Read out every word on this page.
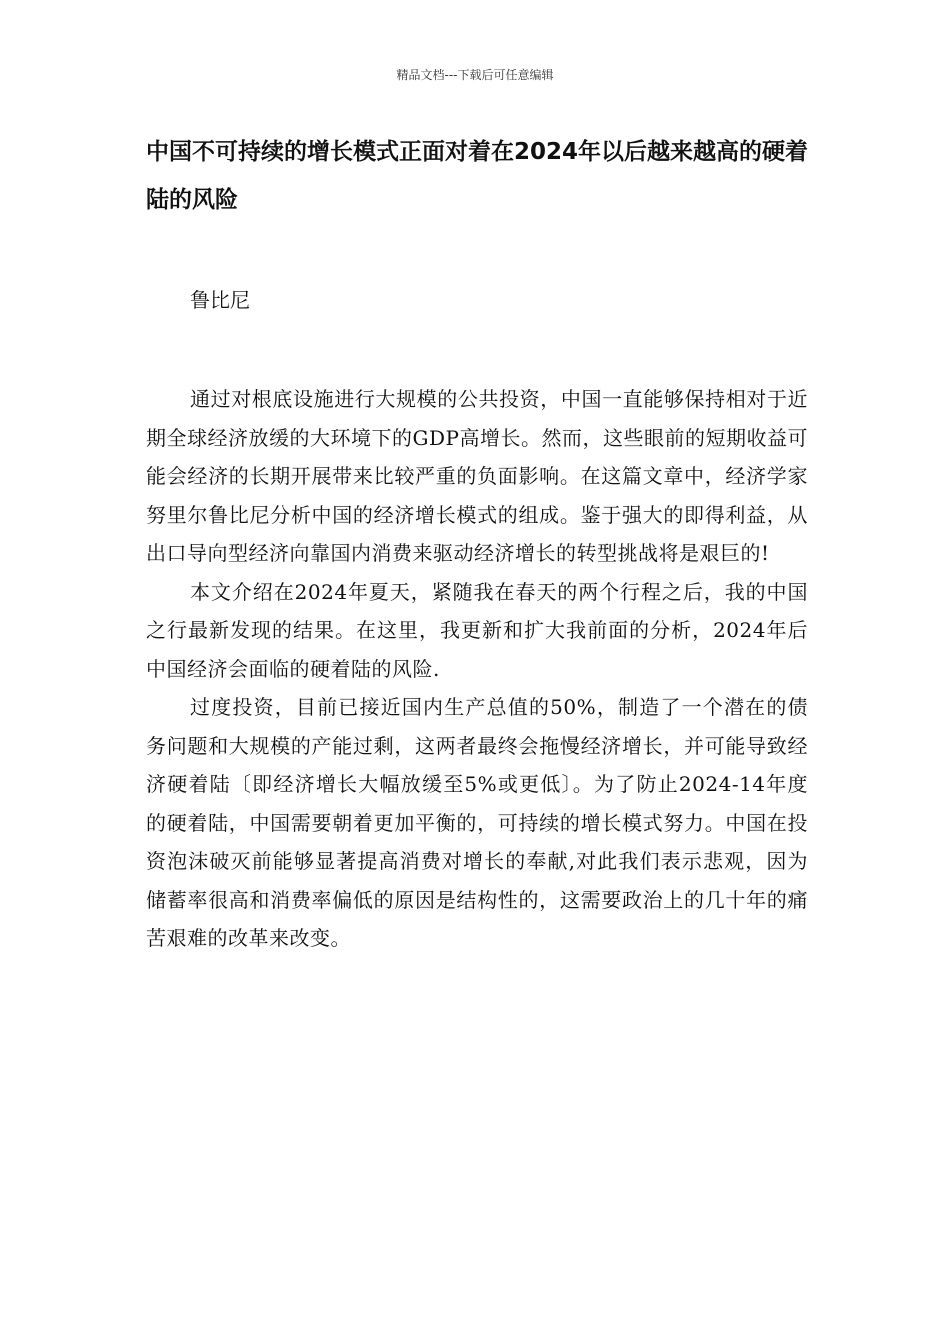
精品文档---下载后可任意编辑
中国不可持续的增长模式正面对着在2024年以后越来越高的硬着陆的风险

鲁比尼

通过对根底设施进行大规模的公共投资，中国一直能够保持相对于近期全球经济放缓的大环境下的GDP高增长。然而，这些眼前的短期收益可能会经济的长期开展带来比较严重的负面影响。在这篇文章中，经济学家努里尔鲁比尼分析中国的经济增长模式的组成。鉴于强大的即得利益，从出口导向型经济向靠国内消费来驱动经济增长的转型挑战将是艰巨的!

本文介绍在2024年夏天，紧随我在春天的两个行程之后，我的中国之行最新发现的结果。在这里，我更新和扩大我前面的分析，2024年后中国经济会面临的硬着陆的风险.

过度投资，目前已接近国内生产总值的50%，制造了一个潜在的债务问题和大规模的产能过剩，这两者最终会拖慢经济增长，并可能导致经济硬着陆〔即经济增长大幅放缓至5%或更低〕。为了防止2024-14年度的硬着陆，中国需要朝着更加平衡的，可持续的增长模式努力。中国在投资泡沫破灭前能够显著提高消费对增长的奉献,对此我们表示悲观，因为储蓄率很高和消费率偏低的原因是结构性的，这需要政治上的几十年的痛苦艰难的改革来改变。
